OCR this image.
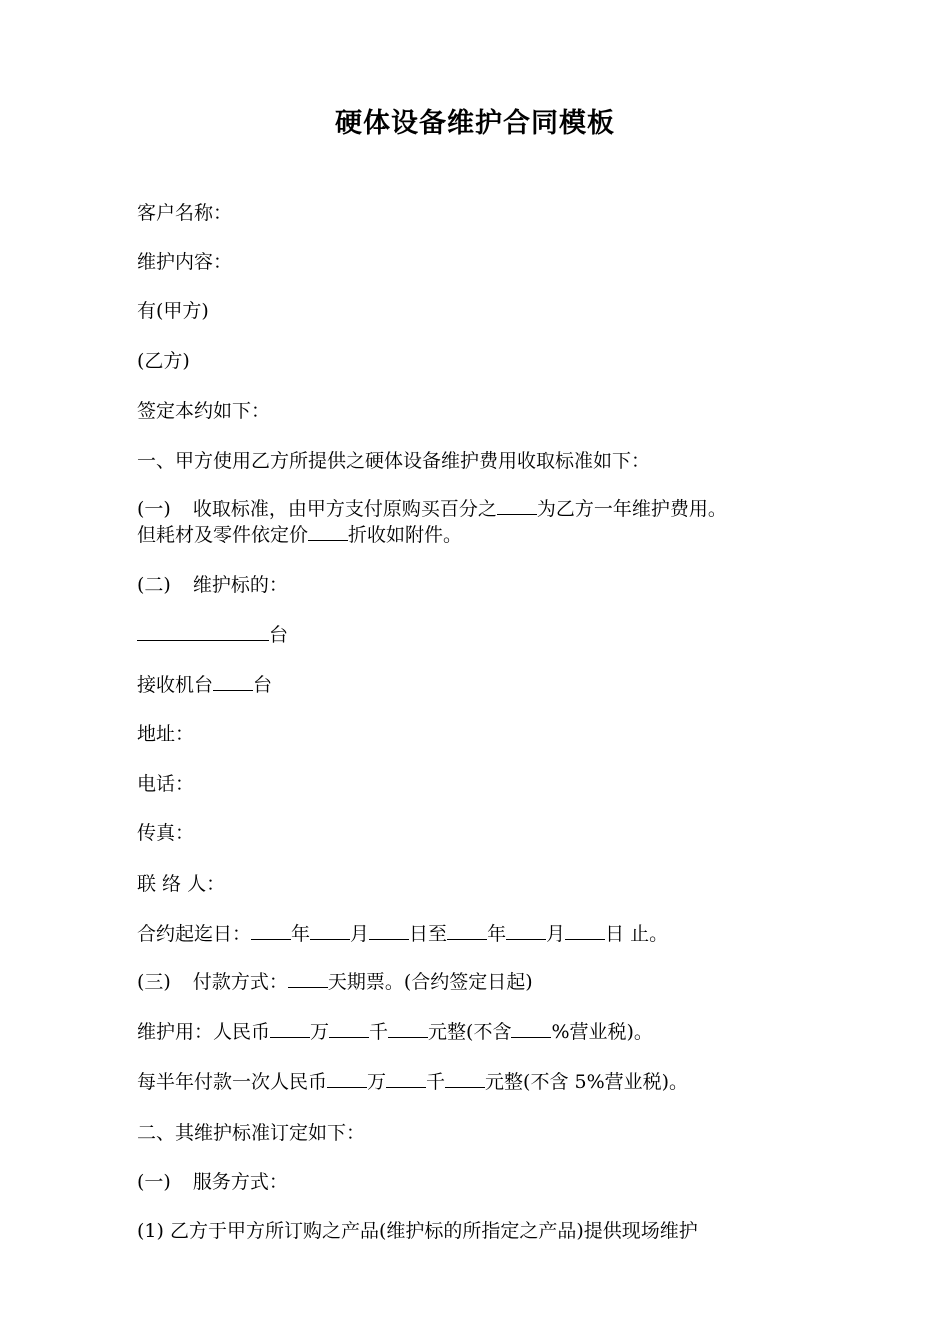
硬体设备维护合同模板
客户名称：
维护内容：
有(甲方)
(乙方)
签定本约如下：
一、甲方使用乙方所提供之硬体设备维护费用收取标准如下：
(一) 收取标准，由甲方支付原购买百分之 为乙方一年维护费用。
但耗材及零件依定价 折收如附件。
(二) 维护标的：
台
接收机台 台
地址：
电话：
传真：
联 络 人：
合约起迄日： 年 月 日至 年 月 日 止。
(三) 付款方式： 天期票。(合约签定日起)
维护用：人民币 万 千 元整(不含 %营业税)。
每半年付款一次人民币 万 千 元整(不含 5%营业税)。
二、其维护标准订定如下：
(一) 服务方式：
(1) 乙方于甲方所订购之产品(维护标的所指定之产品)提供现场维护
